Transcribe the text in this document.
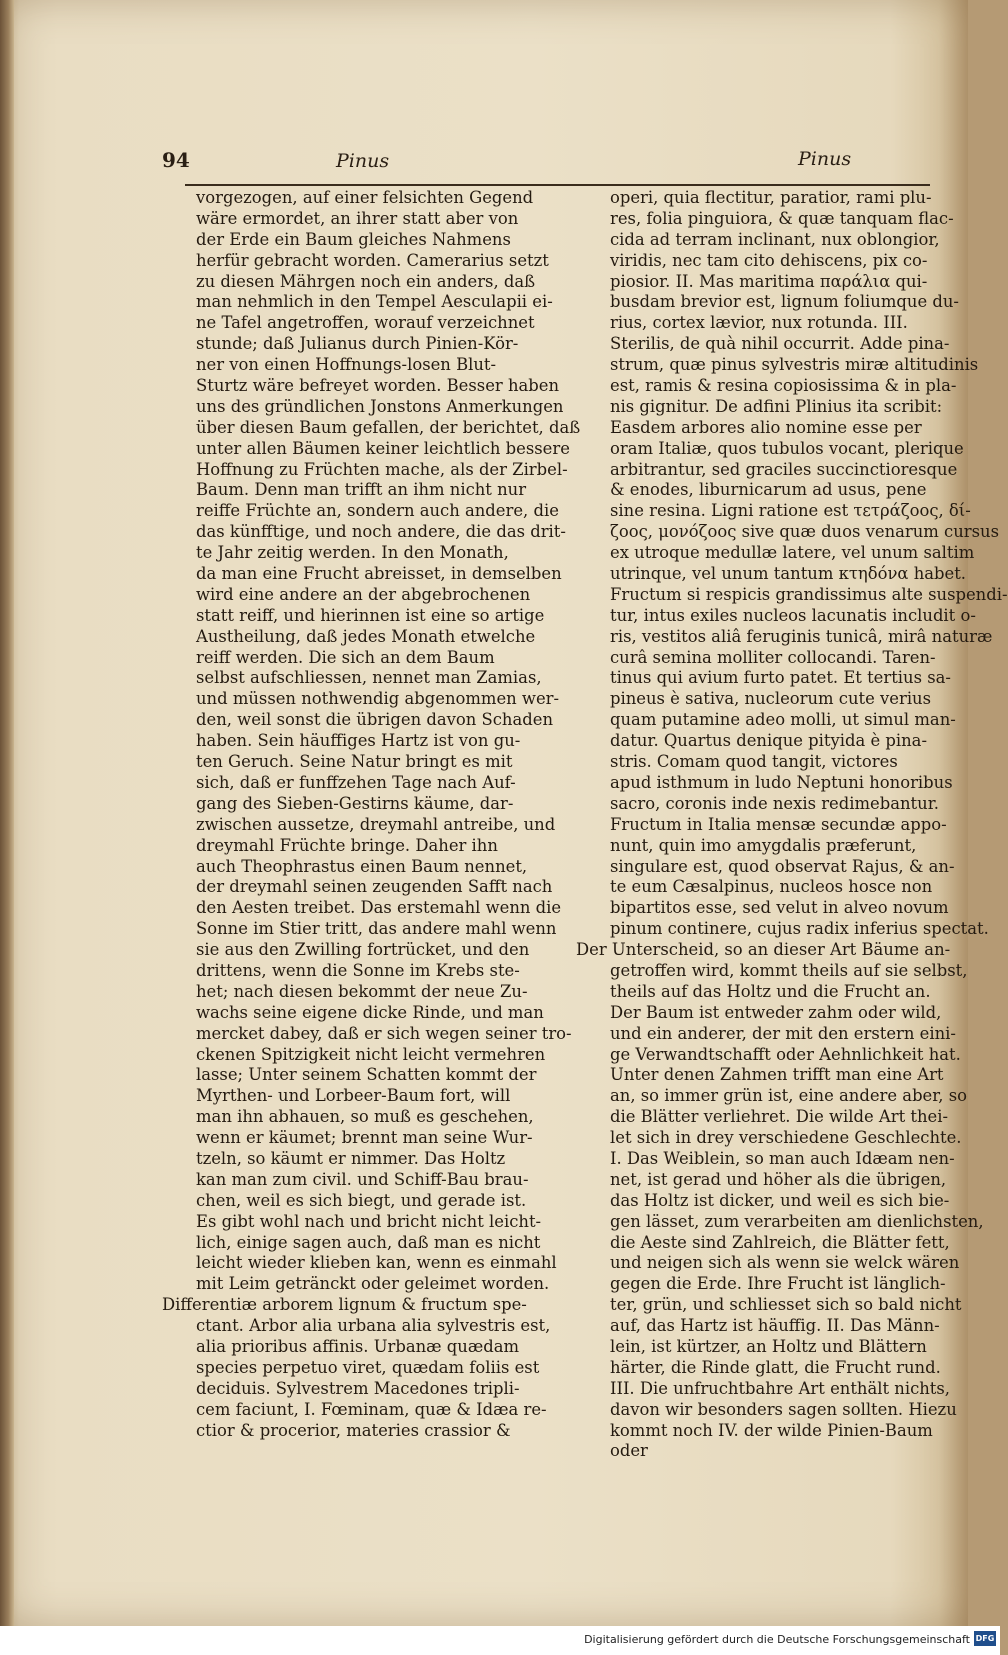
94	Pinus	Pinus
vorgezogen, auf einer felsichten Gegend
wäre ermordet, an ihrer statt aber von
der Erde ein Baum gleiches Nahmens
herfür gebracht worden. Camerarius setzt
zu diesen Mährgen noch ein anders, daß
man nehmlich in den Tempel Aesculapii ei-
ne Tafel angetroffen, worauf verzeichnet
stunde; daß Julianus durch Pinien-Kör-
ner von einen Hoffnungs-losen Blut-
Sturtz wäre befreyet worden. Besser haben
uns des gründlichen Jonstons Anmerkungen
über diesen Baum gefallen, der berichtet, daß
unter allen Bäumen keiner leichtlich bessere
Hoffnung zu Früchten mache, als der Zirbel-
Baum. Denn man trifft an ihm nicht nur
reiffe Früchte an, sondern auch andere, die
das künfftige, und noch andere, die das drit-
te Jahr zeitig werden. In den Monath,
da man eine Frucht abreisset, in demselben
wird eine andere an der abgebrochenen
statt reiff, und hierinnen ist eine so artige
Austheilung, daß jedes Monath etwelche
reiff werden. Die sich an dem Baum
selbst aufschliessen, nennet man Zamias,
und müssen nothwendig abgenommen wer-
den, weil sonst die übrigen davon Schaden
haben. Sein häuffiges Hartz ist von gu-
ten Geruch. Seine Natur bringt es mit
sich, daß er funffzehen Tage nach Auf-
gang des Sieben-Gestirns käume, dar-
zwischen aussetze, dreymahl antreibe, und
dreymahl Früchte bringe. Daher ihn
auch Theophrastus einen Baum nennet,
der dreymahl seinen zeugenden Safft nach
den Aesten treibet. Das erstemahl wenn die
Sonne im Stier tritt, das andere mahl wenn
sie aus den Zwilling fortrücket, und den
drittens, wenn die Sonne im Krebs ste-
het; nach diesen bekommt der neue Zu-
wachs seine eigene dicke Rinde, und man
mercket dabey, daß er sich wegen seiner tro-
ckenen Spitzigkeit nicht leicht vermehren
lasse; Unter seinem Schatten kommt der
Myrthen- und Lorbeer-Baum fort, will
man ihn abhauen, so muß es geschehen,
wenn er käumet; brennt man seine Wur-
tzeln, so käumt er nimmer. Das Holtz
kan man zum civil. und Schiff-Bau brau-
chen, weil es sich biegt, und gerade ist.
Es gibt wohl nach und bricht nicht leicht-
lich, einige sagen auch, daß man es nicht
leicht wieder klieben kan, wenn es einmahl
mit Leim getränckt oder geleimet worden.
Differentiæ arborem lignum & fructum spe-
ctant. Arbor alia urbana alia sylvestris est,
alia prioribus affinis. Urbanæ quædam
species perpetuo viret, quædam foliis est
deciduis. Sylvestrem Macedones tripli-
cem faciunt, I. Fœminam, quæ & Idæa re-
ctior & procerior, materies crassior &
operi, quia flectitur, paratior, rami plu-
res, folia pinguiora, & quæ tanquam flac-
cida ad terram inclinant, nux oblongior,
viridis, nec tam cito dehiscens, pix co-
piosior. II. Mas maritima παράλια qui-
busdam brevior est, lignum foliumque du-
rius, cortex lævior, nux rotunda. III.
Sterilis, de quà nihil occurrit. Adde pina-
strum, quæ pinus sylvestris miræ altitudinis
est, ramis & resina copiosissima & in pla-
nis gignitur. De adfini Plinius ita scribit:
Easdem arbores alio nomine esse per
oram Italiæ, quos tubulos vocant, plerique
arbitrantur, sed graciles succinctioresque
& enodes, liburnicarum ad usus, pene
sine resina. Ligni ratione est τετράζοος, δί-
ζοος, μονόζοος sive quæ duos venarum cursus
ex utroque medullæ latere, vel unum saltim
utrinque, vel unum tantum κτηδόνα habet.
Fructum si respicis grandissimus alte suspendi-
tur, intus exiles nucleos lacunatis includit o-
ris, vestitos aliâ feruginis tunicâ, mirâ naturæ
curâ semina molliter collocandi. Taren-
tinus qui avium furto patet. Et tertius sa-
pineus è sativa, nucleorum cute verius
quam putamine adeo molli, ut simul man-
datur. Quartus denique pityida è pina-
stris. Comam quod tangit, victores
apud isthmum in ludo Neptuni honoribus
sacro, coronis inde nexis redimebantur.
Fructum in Italia mensæ secundæ appo-
nunt, quin imo amygdalis præferunt,
singulare est, quod observat Rajus, & an-
te eum Cæsalpinus, nucleos hosce non
bipartitos esse, sed velut in alveo novum
pinum continere, cujus radix inferius spectat.
Der Unterscheid, so an dieser Art Bäume an-
getroffen wird, kommt theils auf sie selbst,
theils auf das Holtz und die Frucht an.
Der Baum ist entweder zahm oder wild,
und ein anderer, der mit den erstern eini-
ge Verwandtschafft oder Aehnlichkeit hat.
Unter denen Zahmen trifft man eine Art
an, so immer grün ist, eine andere aber, so
die Blätter verliehret. Die wilde Art thei-
let sich in drey verschiedene Geschlechte.
I. Das Weiblein, so man auch Idæam nen-
net, ist gerad und höher als die übrigen,
das Holtz ist dicker, und weil es sich bie-
gen lässet, zum verarbeiten am dienlichsten,
die Aeste sind Zahlreich, die Blätter fett,
und neigen sich als wenn sie welck wären
gegen die Erde. Ihre Frucht ist länglich-
ter, grün, und schliesset sich so bald nicht
auf, das Hartz ist häuffig. II. Das Männ-
lein, ist kürtzer, an Holtz und Blättern
härter, die Rinde glatt, die Frucht rund.
III. Die unfruchtbahre Art enthält nichts,
davon wir besonders sagen sollten. Hiezu
kommt noch IV. der wilde Pinien-Baum
oder
Digitalisierung gefördert durch die Deutsche Forschungsgemeinschaft DFG
